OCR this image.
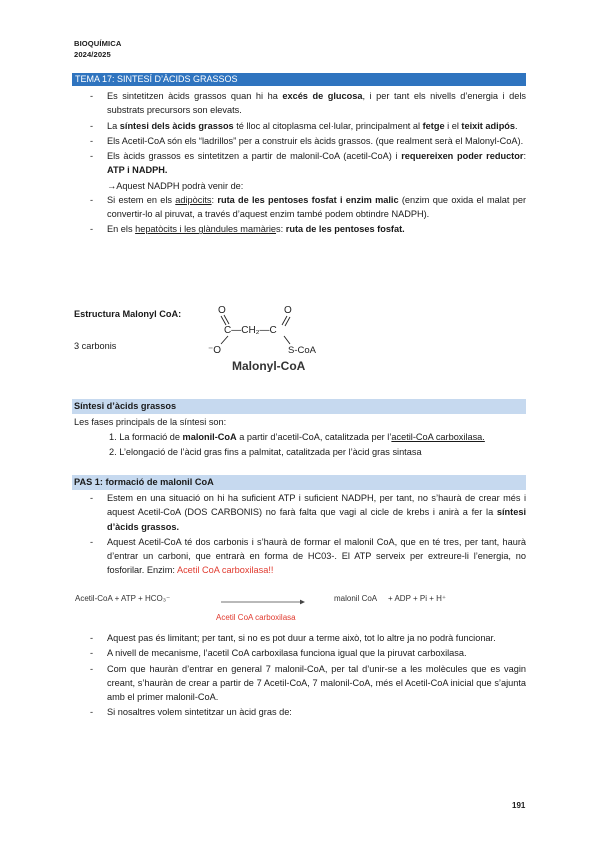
BIOQUÍMICA
2024/2025
TEMA 17: SINTESÍ D’ÀCIDS GRASSOS
- Es sintetitzen àcids grassos quan hi ha excés de glucosa, i per tant els nivells d’energia i dels substrats precursors son elevats.
- La síntesi dels àcids grassos té lloc al citoplasma cel·lular, principalment al fetge i el teixit adipós.
- Els Acetil-CoA són els “ladrillos” per a construir els àcids grassos. (que realment serà el Malonyl-CoA).
- Els àcids grassos es sintetitzen a partir de malonil-CoA (acetil-CoA) i requereixen poder reductor: ATP i NADPH.
→Aquest NADPH podrà venir de:
- Si estem en els adipòcits: ruta de les pentoses fosfat i enzim malic (enzim que oxida el malat per convertir-lo al piruvat, a través d’aquest enzim també podem obtindre NADPH).
- En els hepatòcits i les glàndules mamàries: ruta de les pentoses fosfat.
Estructura Malonyl CoA:
3 carbonis
O	O
C—CH₂—C
⁻O	S-CoA
Malonyl-CoA
Síntesi d’àcids grassos
Les fases principals de la síntesi son:
1. La formació de malonil-CoA a partir d’acetil-CoA, catalitzada per l’acetil-CoA carboxilasa.
2. L’elongació de l’àcid gras fins a palmitat, catalitzada per l’àcid gras sintasa
PAS 1: formació de malonil CoA
- Estem en una situació on hi ha suficient ATP i suficient NADPH, per tant, no s’haurà de crear més i aquest Acetil-CoA (DOS CARBONIS) no farà falta que vagi al cicle de krebs i anirà a fer la síntesi d’àcids grassos.
- Aquest Acetil-CoA té dos carbonis i s’haurà de formar el malonil CoA, que en té tres, per tant, haurà d’entrar un carboni, que entrarà en forma de HC03-. El ATP serveix per extreure-li l’energia, no fosforilar. Enzim: Acetil CoA carboxilasa!!
Acetil-CoA + ATP + HCO₃⁻	malonil CoA + ADP + Pi + H⁺
Acetil CoA carboxilasa
- Aquest pas és limitant; per tant, si no es pot duur a terme això, tot lo altre ja no podrà funcionar.
- A nivell de mecanisme, l’acetil CoA carboxilasa funciona igual que la piruvat carboxilasa.
- Com que hauràn d’entrar en general 7 malonil-CoA, per tal d’unir-se a les molècules que es vagin creant, s’hauràn de crear a partir de 7 Acetil-CoA, 7 malonil-CoA, més el Acetil-CoA inicial que s’ajunta amb el primer malonil-CoA.
- Si nosaltres volem sintetitzar un àcid gras de:
191
